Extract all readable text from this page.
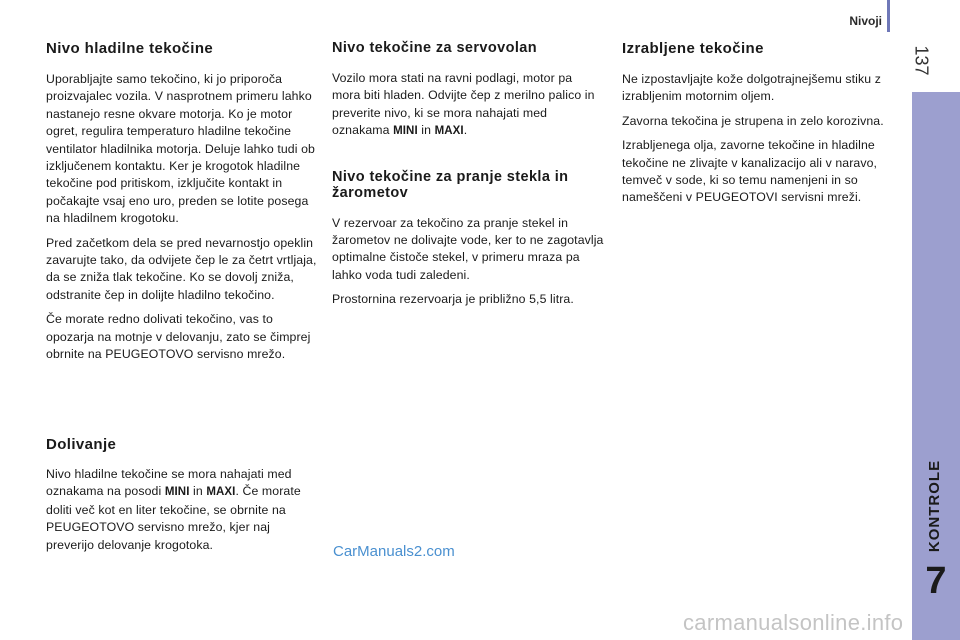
Nivoji
137
KONTROLE
7
Nivo hladilne tekočine

Uporabljajte samo tekočino, ki jo priporoča proizvajalec vozila. V nasprotnem primeru lahko nastanejo resne okvare motorja. Ko je motor ogret, regulira temperaturo hladilne tekočine ventilator hladilnika motorja. Deluje lahko tudi ob izključenem kontaktu. Ker je krogotok hladilne tekočine pod pritiskom, izključite kontakt in počakajte vsaj eno uro, preden se lotite posega na hladilnem krogotoku.

Pred začetkom dela se pred nevarnostjo opeklin zavarujte tako, da odvijete čep le za četrt vrtljaja, da se zniža tlak tekočine. Ko se dovolj zniža, odstranite čep in dolijte hladilno tekočino.

Če morate redno dolivati tekočino, vas to opozarja na motnje v delovanju, zato se čimprej obrnite na PEUGEOTOVO servisno mrežo.

Dolivanje

Nivo hladilne tekočine se mora nahajati med oznakama na posodi MINI in MAXI. Če morate doliti več kot en liter tekočine, se obrnite na PEUGEOTOVO servisno mrežo, kjer naj preverijo delovanje krogotoka.

Nivo tekočine za servovolan

Vozilo mora stati na ravni podlagi, motor pa mora biti hladen. Odvijte čep z merilno palico in preverite nivo, ki se mora nahajati med oznakama MINI in MAXI.

Nivo tekočine za pranje stekla in žarometov

V rezervoar za tekočino za pranje stekel in žarometov ne dolivajte vode, ker to ne zagotavlja optimalne čistoče stekel, v primeru mraza pa lahko voda tudi zaledeni.

Prostornina rezervoarja je približno 5,5 litra.

Izrabljene tekočine

Ne izpostavljajte kože dolgotrajnejšemu stiku z izrabljenim motornim oljem.

Zavorna tekočina je strupena in zelo korozivna.

Izrabljenega olja, zavorne tekočine in hladilne tekočine ne zlivajte v kanalizacijo ali v naravo, temveč v sode, ki so temu namenjeni in so nameščeni v PEUGEOTOVI servisni mreži.

CarManuals2.com
carmanualsonline.info
